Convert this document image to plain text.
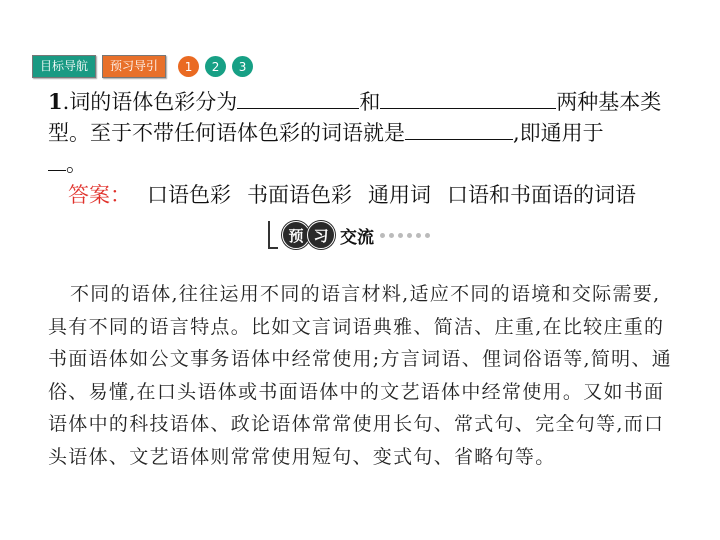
目标导航	预习导引	1	2	3
1.词的语体色彩分为	和	两种基本类型。至于不带任何语体色彩的词语就是	,即通用于
。
答案： 口语色彩 书面语色彩 通用词 口语和书面语的词语
预 习 交流

不同的语体,往往运用不同的语言材料,适应不同的语境和交际需要,具有不同的语言特点。比如文言词语典雅、简洁、庄重,在比较庄重的书面语体如公文事务语体中经常使用;方言词语、俚词俗语等,简明、通俗、易懂,在口头语体或书面语体中的文艺语体中经常使用。又如书面语体中的科技语体、政论语体常常使用长句、常式句、完全句等,而口头语体、文艺语体则常常使用短句、变式句、省略句等。
